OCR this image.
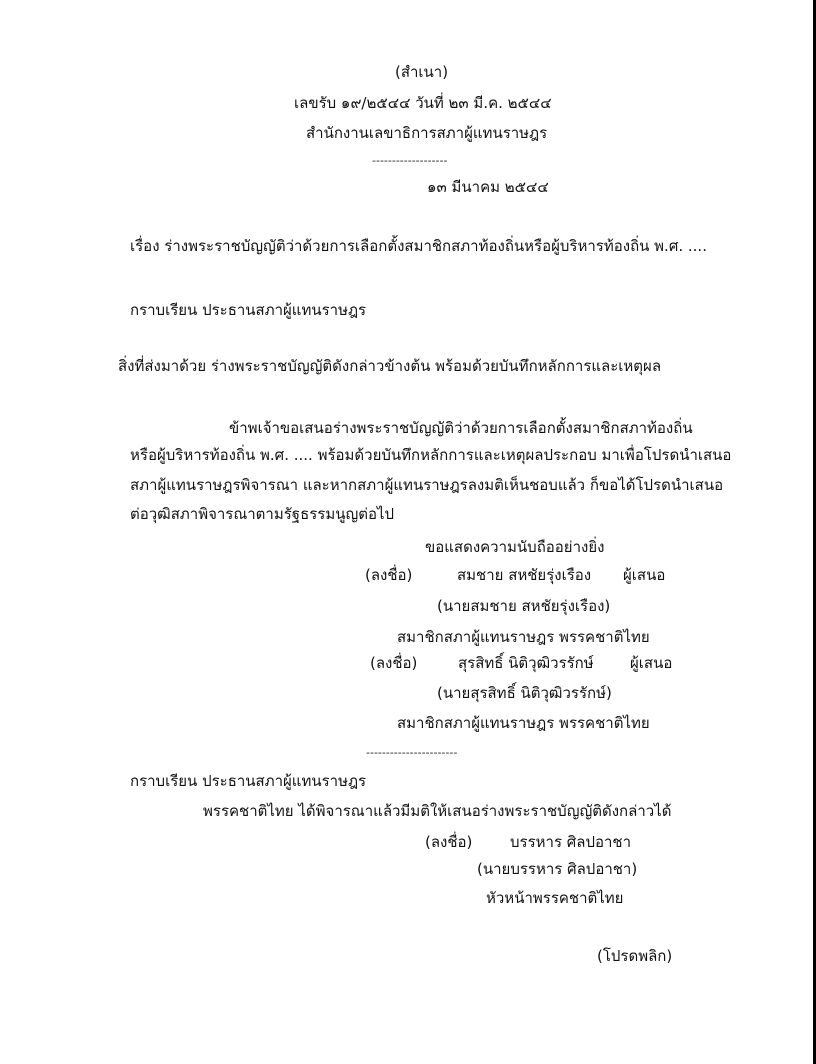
(สำเนา)
เลขรับ ๑๙/๒๕๔๔ วันที่ ๒๓ มี.ค. ๒๕๔๔
สำนักงานเลขาธิการสภาผู้แทนราษฎร
-------------------
๑๓ มีนาคม ๒๕๔๔
เรื่อง ร่างพระราชบัญญัติว่าด้วยการเลือกตั้งสมาชิกสภาท้องถิ่นหรือผู้บริหารท้องถิ่น พ.ศ. ....
กราบเรียน ประธานสภาผู้แทนราษฎร
สิ่งที่ส่งมาด้วย ร่างพระราชบัญญัติดังกล่าวข้างต้น พร้อมด้วยบันทึกหลักการและเหตุผล
ข้าพเจ้าขอเสนอร่างพระราชบัญญัติว่าด้วยการเลือกตั้งสมาชิกสภาท้องถิ่น
หรือผู้บริหารท้องถิ่น พ.ศ. .... พร้อมด้วยบันทึกหลักการและเหตุผลประกอบ มาเพื่อโปรดนำเสนอ
สภาผู้แทนราษฎรพิจารณา และหากสภาผู้แทนราษฎรลงมติเห็นชอบแล้ว ก็ขอได้โปรดนำเสนอ
ต่อวุฒิสภาพิจารณาตามรัฐธรรมนูญต่อไป
ขอแสดงความนับถืออย่างยิ่ง
(ลงชื่อ)	สมชาย สหชัยรุ่งเรือง ผู้เสนอ
(นายสมชาย สหชัยรุ่งเรือง)
สมาชิกสภาผู้แทนราษฎร พรรคชาติไทย
(ลงชื่อ)	สุรสิทธิ์ นิติวุฒิวรรักษ์ ผู้เสนอ
(นายสุรสิทธิ์ นิติวุฒิวรรักษ์)
สมาชิกสภาผู้แทนราษฎร พรรคชาติไทย
-----------------------
กราบเรียน ประธานสภาผู้แทนราษฎร
พรรคชาติไทย ได้พิจารณาแล้วมีมติให้เสนอร่างพระราชบัญญัติดังกล่าวได้
(ลงชื่อ)	บรรหาร ศิลปอาชา
(นายบรรหาร ศิลปอาชา)
หัวหน้าพรรคชาติไทย
(โปรดพลิก)
